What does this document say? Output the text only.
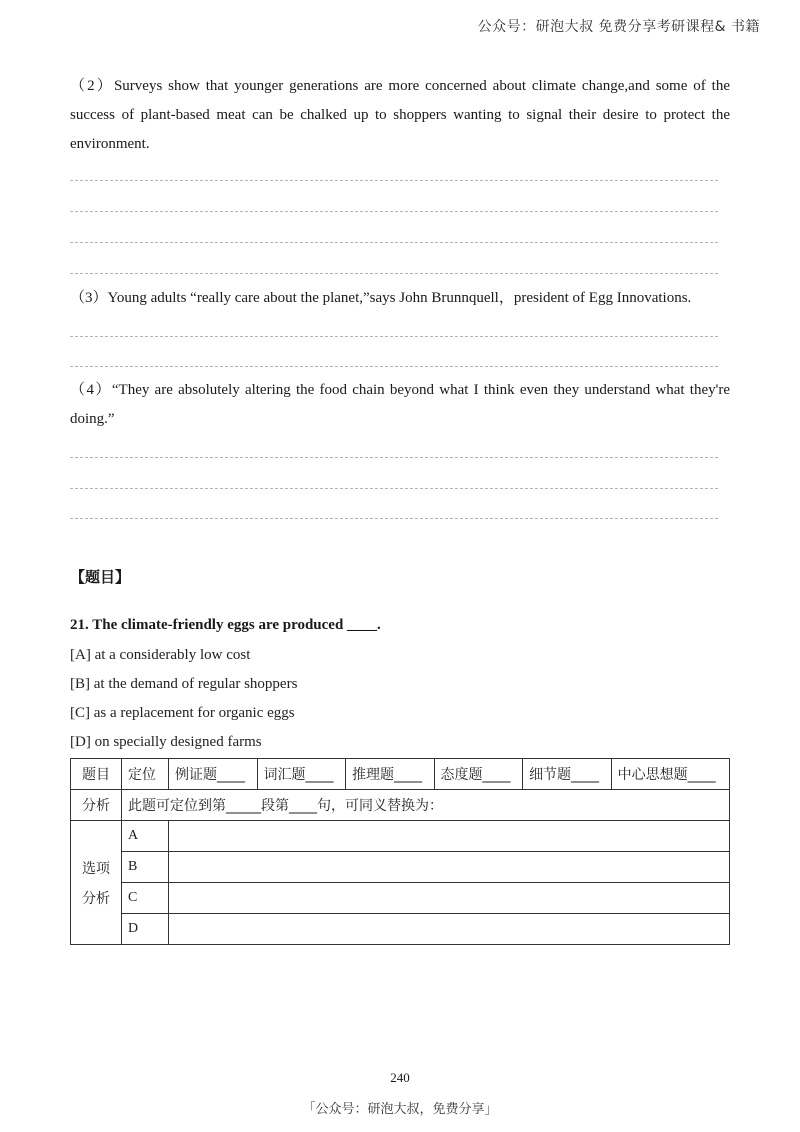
公众号：研泡大叔 免费分享考研课程& 书籍
（2）Surveys show that younger generations are more concerned about climate change,and some of the success of plant-based meat can be chalked up to shoppers wanting to signal their desire to protect the environment.
（3）Young adults “really care about the planet,”says John Brunnquell，president of Egg Innovations.
（4）“They are absolutely altering the food chain beyond what I think even they understand what they're doing.”
【题目】
21. The climate-friendly eggs are produced ____.
[A] at a considerably low cost
[B] at the demand of regular shoppers
[C] as a replacement for organic eggs
[D] on specially designed farms
题目	定位	例证题____	词汇题____	推理题____	态度题____	细节题____	中心思想题____
分析	此题可定位到第_____段第____句，可同义替换为：						

选项
分析	A						
	B						
	C						
	D						
240
「公众号：研泡大叔，免费分享」
